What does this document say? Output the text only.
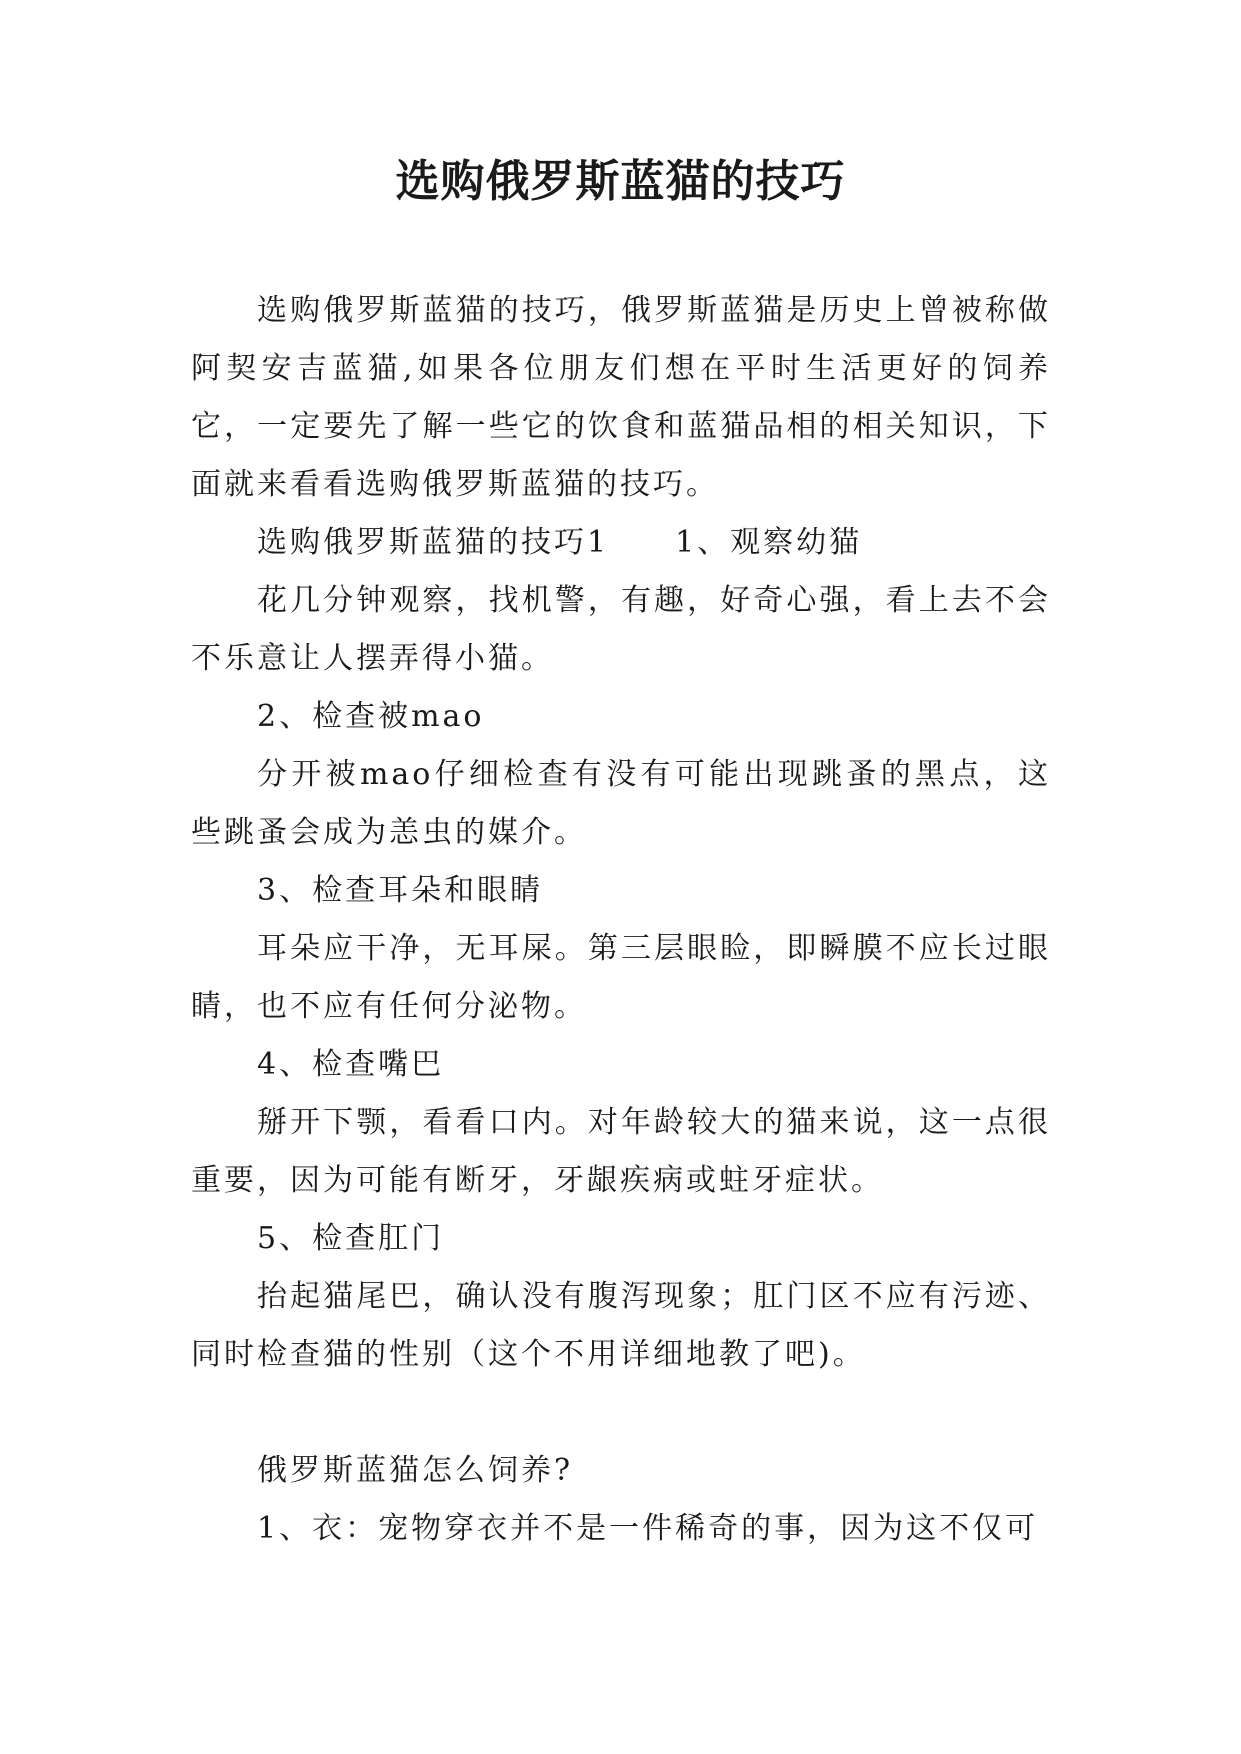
选购俄罗斯蓝猫的技巧

选购俄罗斯蓝猫的技巧，俄罗斯蓝猫是历史上曾被称做阿契安吉蓝猫,如果各位朋友们想在平时生活更好的饲养它，一定要先了解一些它的饮食和蓝猫品相的相关知识，下面就来看看选购俄罗斯蓝猫的技巧。

选购俄罗斯蓝猫的技巧1　　1、观察幼猫

花几分钟观察，找机警，有趣，好奇心强，看上去不会不乐意让人摆弄得小猫。

2、检查被mao

分开被mao仔细检查有没有可能出现跳蚤的黑点，这些跳蚤会成为恙虫的媒介。

3、检查耳朵和眼睛

耳朵应干净，无耳屎。第三层眼睑，即瞬膜不应长过眼睛，也不应有任何分泌物。

4、检查嘴巴

掰开下颚，看看口内。对年龄较大的猫来说，这一点很重要，因为可能有断牙，牙龈疾病或蛀牙症状。

5、检查肛门

抬起猫尾巴，确认没有腹泻现象；肛门区不应有污迹、同时检查猫的性别（这个不用详细地教了吧)。

俄罗斯蓝猫怎么饲养?

1、衣：宠物穿衣并不是一件稀奇的事，因为这不仅可
